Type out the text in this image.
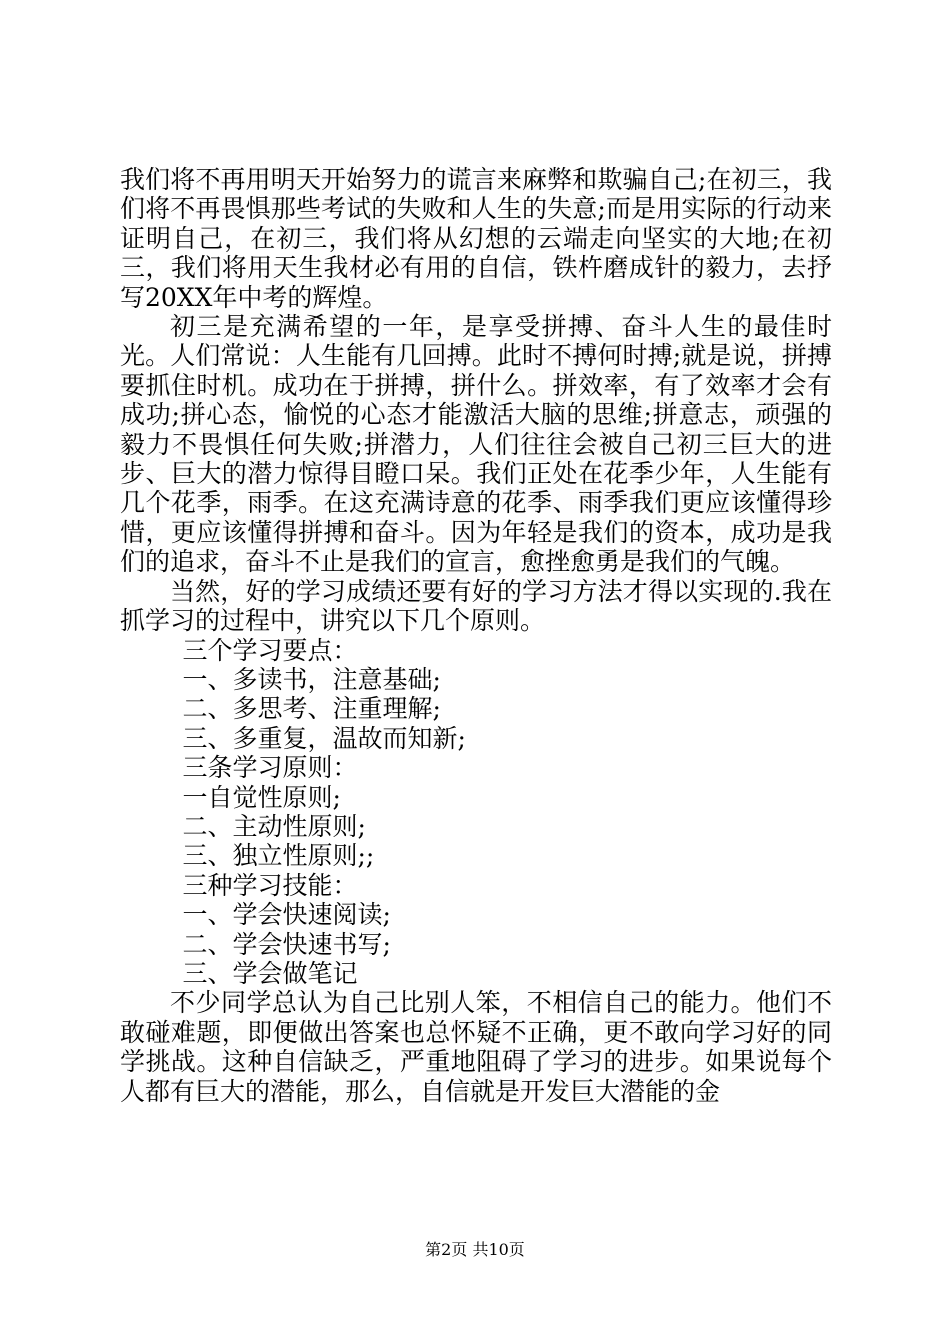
我们将不再用明天开始努力的谎言来麻弊和欺骗自己;在初三，我们将不再畏惧那些考试的失败和人生的失意;而是用实际的行动来证明自己，在初三，我们将从幻想的云端走向坚实的大地;在初三，我们将用天生我材必有用的自信，铁杵磨成针的毅力，去抒写20XX年中考的辉煌。

初三是充满希望的一年，是享受拼搏、奋斗人生的最佳时光。人们常说：人生能有几回搏。此时不搏何时搏;就是说，拼搏要抓住时机。成功在于拼搏，拼什么。拼效率，有了效率才会有成功;拼心态，愉悦的心态才能激活大脑的思维;拼意志，顽强的毅力不畏惧任何失败;拼潜力，人们往往会被自己初三巨大的进步、巨大的潜力惊得目瞪口呆。我们正处在花季少年，人生能有几个花季，雨季。在这充满诗意的花季、雨季我们更应该懂得珍惜，更应该懂得拼搏和奋斗。因为年轻是我们的资本，成功是我们的追求，奋斗不止是我们的宣言，愈挫愈勇是我们的气魄。

当然，好的学习成绩还要有好的学习方法才得以实现的.我在抓学习的过程中，讲究以下几个原则。

三个学习要点：

一、多读书，注意基础;

二、多思考、注重理解;

三、多重复，温故而知新;

三条学习原则：

一自觉性原则;

二、主动性原则;

三、独立性原则;;

三种学习技能：

一、学会快速阅读;

二、学会快速书写;

三、学会做笔记

不少同学总认为自己比别人笨，不相信自己的能力。他们不敢碰难题，即便做出答案也总怀疑不正确，更不敢向学习好的同学挑战。这种自信缺乏，严重地阻碍了学习的进步。如果说每个人都有巨大的潜能，那么，自信就是开发巨大潜能的金

第2页 共10页
